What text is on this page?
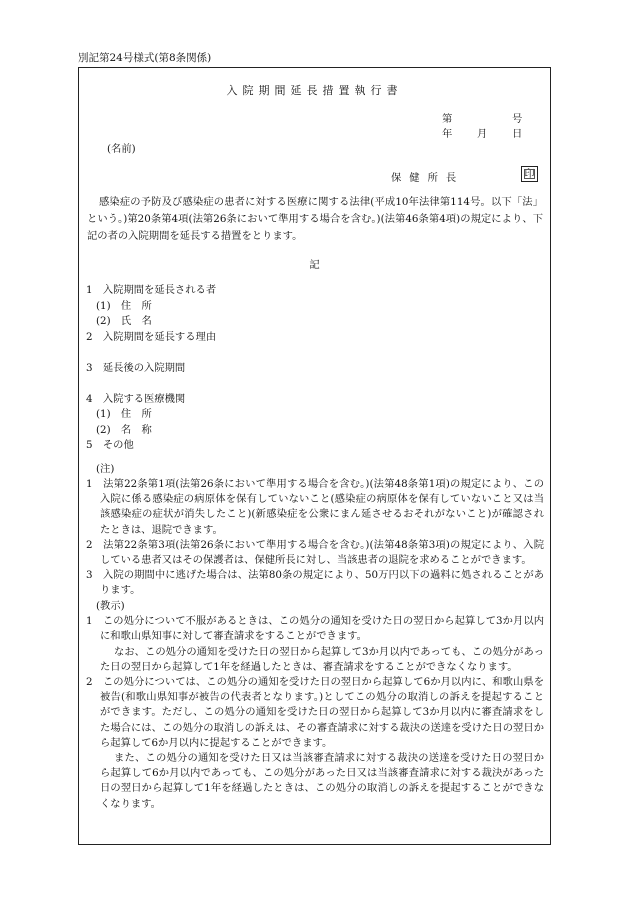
別記第24号様式(第8条関係)
入院期間延長措置執行書
第	号
年 月 日
(名前)
保健所長	印
感染症の予防及び感染症の患者に対する医療に関する法律(平成10年法律第114号。以下「法」という。)第20条第4項(法第26条において準用する場合を含む。)(法第46条第4項)の規定により、下記の者の入院期間を延長する措置をとります。
記
1　入院期間を延長される者
(1)　住　所
(2)　氏　名
2　入院期間を延長する理由
3　延長後の入院期間
4　入院する医療機関
(1)　住　所
(2)　名　称
5　その他
(注)
1　法第22条第1項(法第26条において準用する場合を含む。)(法第48条第1項)の規定により、この入院に係る感染症の病原体を保有していないこと(感染症の病原体を保有していないこと又は当該感染症の症状が消失したこと)(新感染症を公衆にまん延させるおそれがないこと)が確認されたときは、退院できます。
2　法第22条第3項(法第26条において準用する場合を含む。)(法第48条第3項)の規定により、入院している患者又はその保護者は、保健所長に対し、当該患者の退院を求めることができます。
3　入院の期間中に逃げた場合は、法第80条の規定により、50万円以下の過料に処されることがあります。
(教示)
1　この処分について不服があるときは、この処分の通知を受けた日の翌日から起算して3か月以内に和歌山県知事に対して審査請求をすることができます。
なお、この処分の通知を受けた日の翌日から起算して3か月以内であっても、この処分があった日の翌日から起算して1年を経過したときは、審査請求をすることができなくなります。
2　この処分については、この処分の通知を受けた日の翌日から起算して6か月以内に、和歌山県を被告(和歌山県知事が被告の代表者となります。)としてこの処分の取消しの訴えを提起することができます。ただし、この処分の通知を受けた日の翌日から起算して3か月以内に審査請求をした場合には、この処分の取消しの訴えは、その審査請求に対する裁決の送達を受けた日の翌日から起算して6か月以内に提起することができます。
また、この処分の通知を受けた日又は当該審査請求に対する裁決の送達を受けた日の翌日から起算して6か月以内であっても、この処分があった日又は当該審査請求に対する裁決があった日の翌日から起算して1年を経過したときは、この処分の取消しの訴えを提起することができなくなります。
